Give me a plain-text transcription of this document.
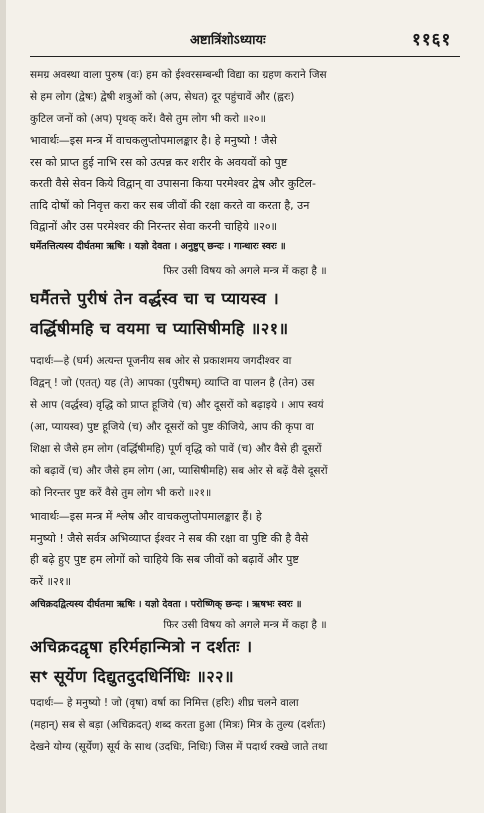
अष्टात्रिंशोऽध्यायः	११६१
समग्र अवस्था वाला पुरुष (वः) हम को ईश्वरसम्बन्धी विद्या का ग्रहण कराने जिस
से हम लोग (द्वेषः) द्वेषी शत्रुओं को (अप, सेधत) दूर पहुंचावें और (ह्वरः)
कुटिल जनों को (अप) पृथक् करें। वैसे तुम लोग भी करो ॥२०॥
भावार्थः—इस मन्त्र में वाचकलुप्तोपमालङ्कार है। हे मनुष्यो ! जैसे
रस को प्राप्त हुई नाभि रस को उत्पन्न कर शरीर के अवयवों को पुष्ट
करती वैसे सेवन किये विद्वान् वा उपासना किया परमेश्वर द्वेष और कुटिल-
तादि दोषों को निवृत्त करा कर सब जीवों की रक्षा करते वा करता है, उन
विद्वानों और उस परमेश्वर की निरन्तर सेवा करनी चाहिये ॥२०॥
घर्मेतत्तित्यस्य दीर्घतमा ऋषिः । यज्ञो देवता । अनुष्टुप् छन्दः । गान्धारः स्वरः ॥
फिर उसी विषय को अगले मन्त्र में कहा है ॥
घर्मैतत्ते पुरीषं तेन वर्द्धस्व चा च प्यायस्व ।
वर्द्धिषीमहि च वयमा च प्यासिषीमहि ॥२१॥
पदार्थः—हे (घर्म) अत्यन्त पूजनीय सब ओर से प्रकाशमय जगदीश्वर वा
विद्वन् ! जो (एतत्) यह (ते) आपका (पुरीषम्) व्याप्ति वा पालन है (तेन) उस
से आप (वर्द्धस्व) वृद्धि को प्राप्त हूजिये (च) और दूसरों को बढ़ाइये । आप स्वयं
(आ, प्यायस्व) पुष्ट हूजिये (च) और दूसरों को पुष्ट कीजिये, आप की कृपा वा
शिक्षा से जैसे हम लोग (वर्द्धिषीमहि) पूर्ण वृद्धि को पावें (च) और वैसे ही दूसरों
को बढ़ावें (च) और जैसे हम लोग (आ, प्यासिषीमहि) सब ओर से बढ़ें वैसे दूसरों
को निरन्तर पुष्ट करें वैसे तुम लोग भी करो ॥२१॥
भावार्थः—इस मन्त्र में श्लेष और वाचकलुप्तोपमालङ्कार हैं। हे
मनुष्यो ! जैसे सर्वत्र अभिव्याप्त ईश्वर ने सब की रक्षा वा पुष्टि की है वैसे
ही बढ़े हुए पुष्ट हम लोगों को चाहिये कि सब जीवों को बढ़ावें और पुष्ट
करें ॥२१॥
अचिक्रदद्वित्यस्य दीर्घतमा ऋषिः । यज्ञो देवता । परोष्णिक् छन्दः । ऋषभः स्वरः ॥
फिर उसी विषय को अगले मन्त्र में कहा है ॥
अचिक्रदद्वृषा हरिर्महान्मित्रो न दर्शतः ।
सꣳ सूर्येण दिद्युतदुदधिर्निधिः ॥२२॥
पदार्थः— हे मनुष्यो ! जो (वृषा) वर्षा का निमित्त (हरिः) शीघ्र चलने वाला
(महान्) सब से बड़ा (अचिक्रदत्) शब्द करता हुआ (मित्रः) मित्र के तुल्य (दर्शतः)
देखने योग्य (सूर्येण) सूर्य के साथ (उदधिः, निधिः) जिस में पदार्थ रक्खे जाते तथा
